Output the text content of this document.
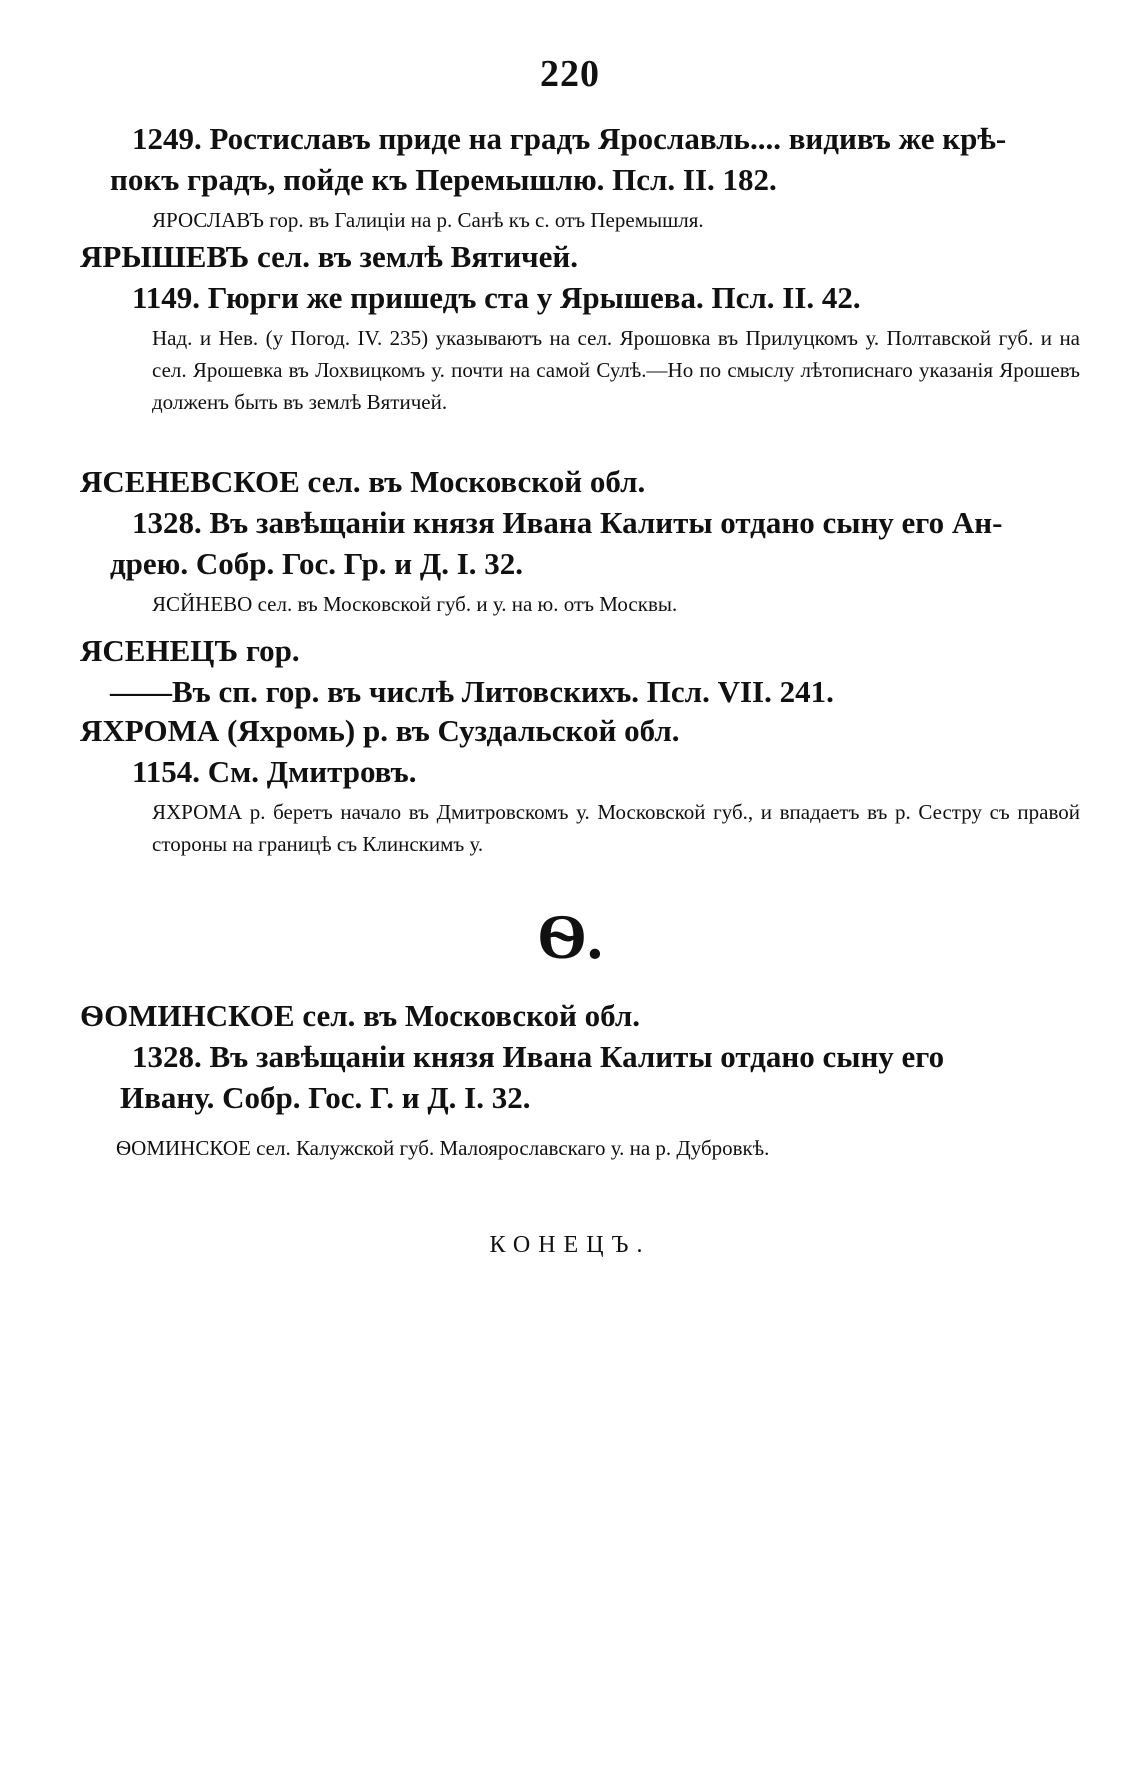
220

1249. Ростиславъ приде на градъ Ярославль.... видивъ же крѣ-

покъ градъ, пойде къ Перемышлю. Псл. II. 182.

ЯРОСЛАВЪ гор. въ Галиціи на р. Санѣ къ с. отъ Перемышля.

ЯРЫШЕВЪ сел. въ землѣ Вятичей.

1149. Гюрги же пришедъ ста у Ярышева. Псл. II. 42.

Над. и Нев. (у Погод. IV. 235) указываютъ на сел. Ярошовка въ Прилуцкомъ у. Полтавской губ. и на сел. Ярошевка въ Лохвицкомъ у. почти на самой Сулѣ.—Но по смыслу лѣтописнаго указанія Ярошевъ долженъ быть въ землѣ Вятичей.

ЯСЕНЕВСКОЕ сел. въ Московской обл.

1328. Въ завѣщаніи князя Ивана Калиты отдано сыну его Ан-

дрею. Собр. Гос. Гр. и Д. I. 32.

ЯСЙНЕВО сел. въ Московской губ. и у. на ю. отъ Москвы.

ЯСЕНЕЦЪ гор.

——Въ сп. гор. въ числѣ Литовскихъ. Псл. VII. 241.

ЯХРОМА (Яхромь) р. въ Суздальской обл.

1154. См. Дмитровъ.

ЯХРОМА р. беретъ начало въ Дмитровскомъ у. Московской губ., и впадаетъ въ р. Сестру съ правой стороны на границѣ съ Клинскимъ у.

Ѳ.

ѲОМИНСКОЕ сел. въ Московской обл.

1328. Въ завѣщаніи князя Ивана Калиты отдано сыну его

Ивану. Собр. Гос. Г. и Д. I. 32.

ѲОМИНСКОЕ сел. Калужской губ. Малоярославскаго у. на р. Дубровкѣ.

КОНЕЦЪ.
